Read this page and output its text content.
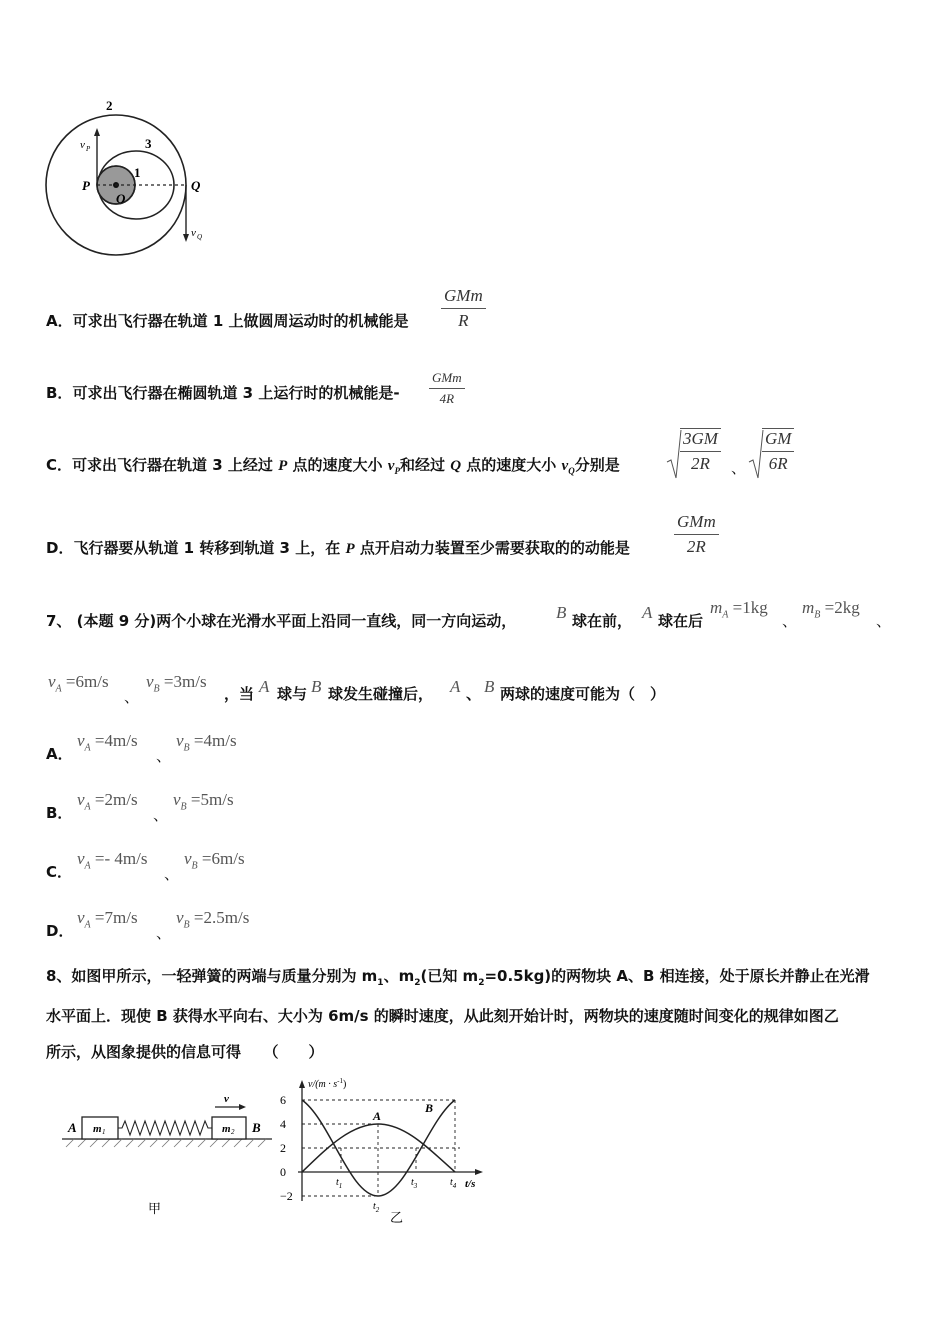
2
3
1
P
O
Q
v P
v Q
A．可求出飞行器在轨道 1 上做圆周运动时的机械能是
GMm
R
B．可求出飞行器在椭圆轨道 3 上运行时的机械能是-
GMm
4R
C．可求出飞行器在轨道 3 上经过 P 点的速度大小 $v_P$和经过 Q 点的速度大小 $v_Q$分别是	$\frac{3GM}{2R}$ 、 $\frac{GM}{6R}$
D．飞行器要从轨道 1 转移到轨道 3 上，在 P 点开启动力装置至少需要获取的的动能是
GMm
2R
7、 (本题 9 分)两个小球在光滑水平面上沿同一直线，同一方向运动， B 球在前， A 球在后
$m_A =1kg$
、
$m_B =2kg$
、
$v_A =6m/s$
、
$v_B =3m/s$
，当 A 球与 B 球发生碰撞后， A 、 B 两球的速度可能为（　）
A．
$v_A =4m/s$
、
$v_B =4m/s$
B．
$v_A =2m/s$
、
$v_B =5m/s$
C．
$v_A =- 4m/s$
、
$v_B =6m/s$
D．
$v_A =7m/s$
、
$v_B =2.5m/s$
8、如图甲所示，一轻弹簧的两端与质量分别为 $m_1$、$m_2$(已知 $m_2=0.5kg$)的两物块 A、B 相连接，处于原长并静止在光滑
水平面上．现使 B 获得水平向右、大小为 6m/s 的瞬时速度，从此刻开始计时，两物块的速度随时间变化的规律如图乙
所示，从图象提供的信息可得　　（　　）
A	B
m 1	m 2
v
甲
6
4
2
0
−2
$v/(m \cdot s^{-1})$
t/s
$t_1$
$t_2$
$t_3$	$t_4$
A
B
乙
